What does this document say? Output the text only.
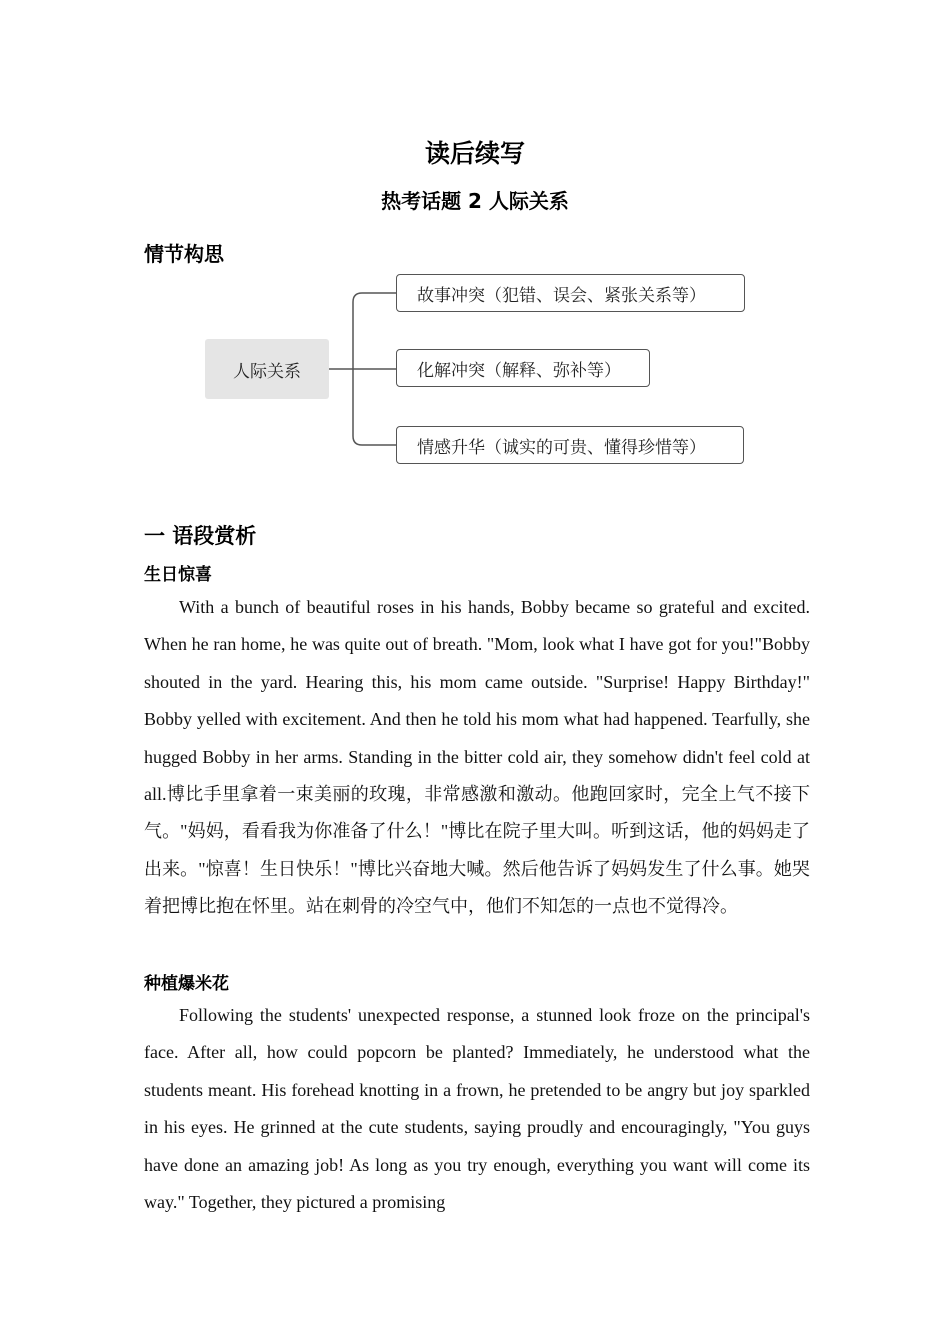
读后续写
热考话题 2 人际关系
情节构思
人际关系
故事冲突（犯错、误会、紧张关系等）
化解冲突（解释、弥补等）
情感升华（诚实的可贵、懂得珍惜等）
一 语段赏析
生日惊喜

With a bunch of beautiful roses in his hands, Bobby became so grateful and excited. When he ran home, he was quite out of breath. "Mom, look what I have got for you!"Bobby shouted in the yard. Hearing this, his mom came outside. "Surprise! Happy Birthday!" Bobby yelled with excitement. And then he told his mom what had happened. Tearfully, she hugged Bobby in her arms. Standing in the bitter cold air, they somehow didn't feel cold at all.博比手里拿着一束美丽的玫瑰，非常感激和激动。他跑回家时，完全上气不接下气。"妈妈，看看我为你准备了什么！"博比在院子里大叫。听到这话，他的妈妈走了出来。"惊喜！生日快乐！"博比兴奋地大喊。然后他告诉了妈妈发生了什么事。她哭着把博比抱在怀里。站在刺骨的冷空气中，他们不知怎的一点也不觉得冷。

种植爆米花

Following the students' unexpected response, a stunned look froze on the principal's face. After all, how could popcorn be planted? Immediately, he understood what the students meant. His forehead knotting in a frown, he pretended to be angry but joy sparkled in his eyes. He grinned at the cute students, saying proudly and encouragingly, "You guys have done an amazing job! As long as you try enough, everything you want will come its way." Together, they pictured a promising
